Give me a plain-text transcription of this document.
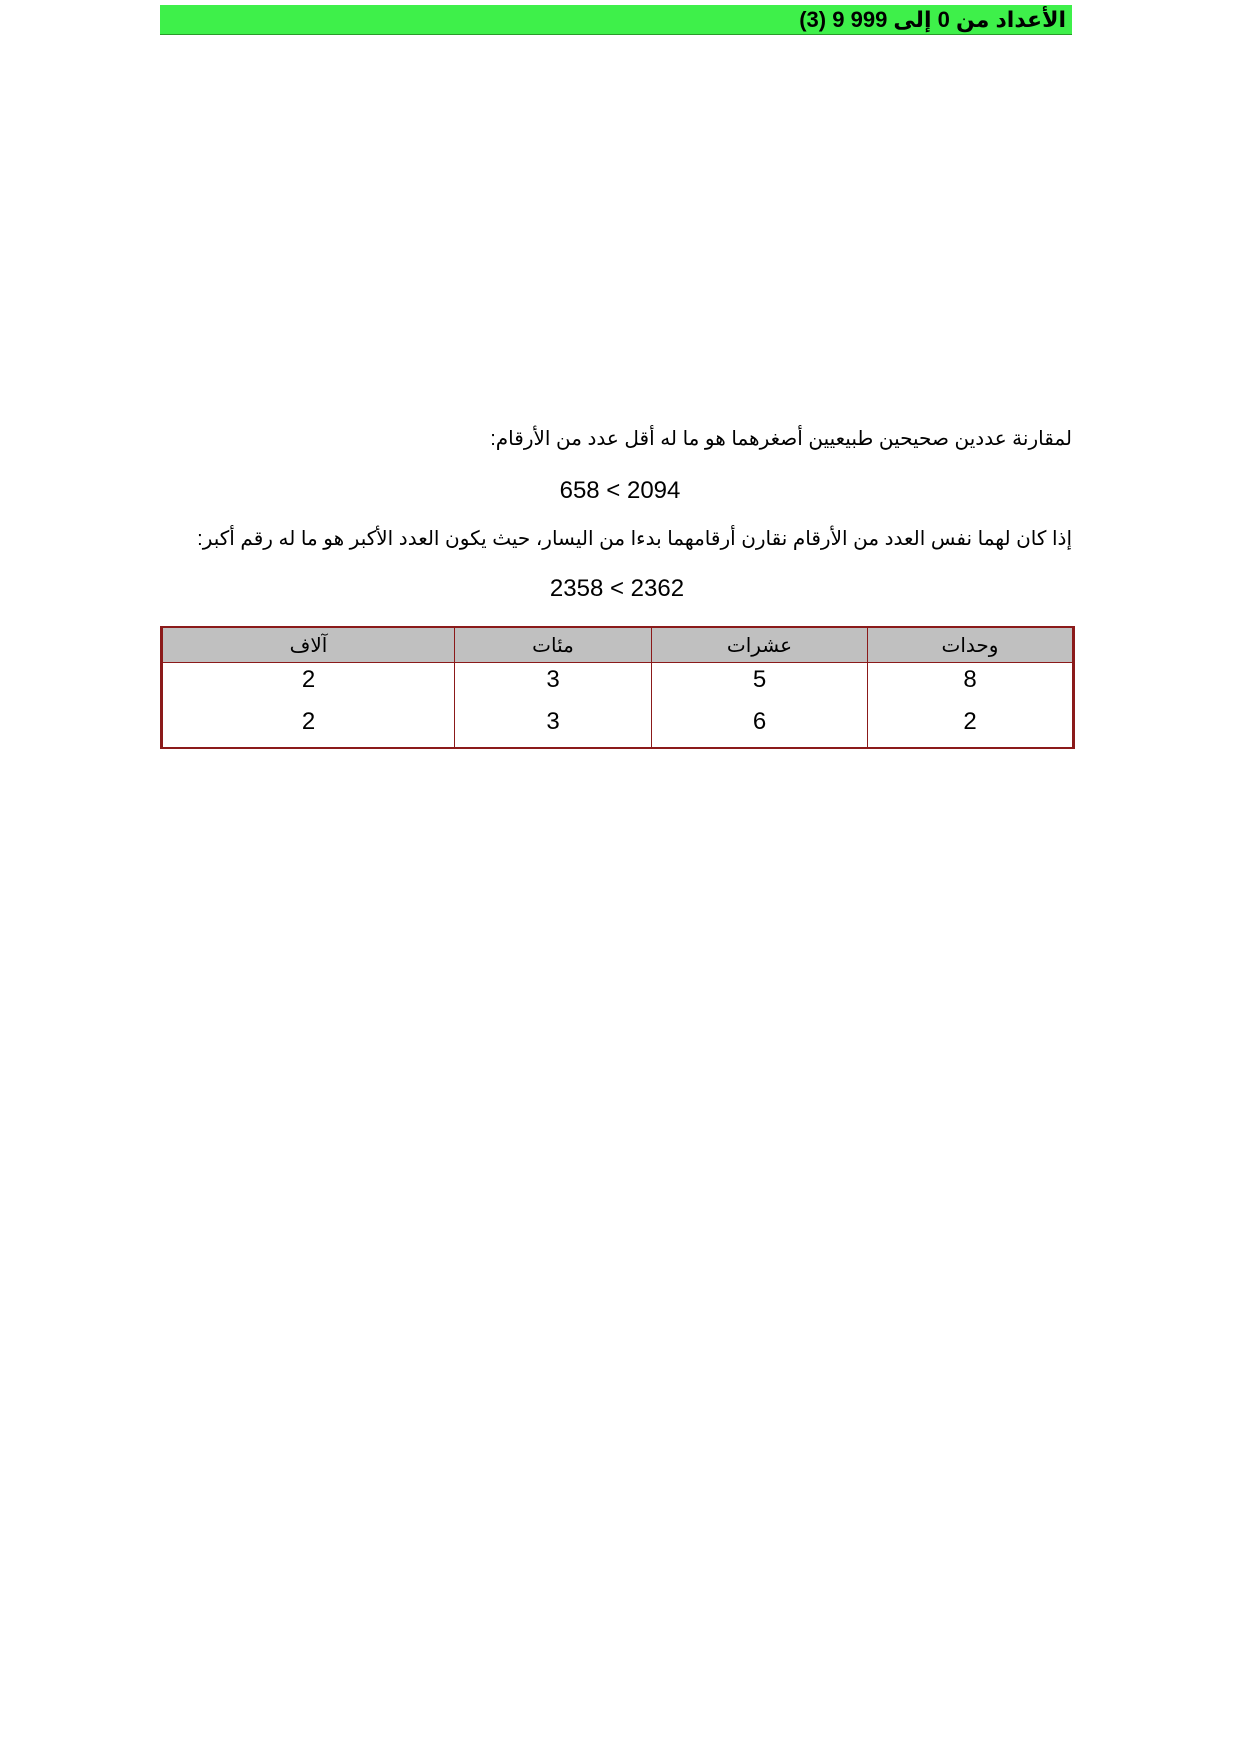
الأعداد من 0 إلى 999 9 (3)
لمقارنة عددين صحيحين طبيعيين أصغرهما هو ما له أقل عدد من الأرقام:
658 < 2094
إذا كان لهما نفس العدد من الأرقام نقارن أرقامهما بدءا من اليسار، حيث يكون العدد الأكبر هو ما له رقم أكبر:
2358 < 2362
آلاف	مئات	عشرات	وحدات
2	3	5	8
2	3	6	2
